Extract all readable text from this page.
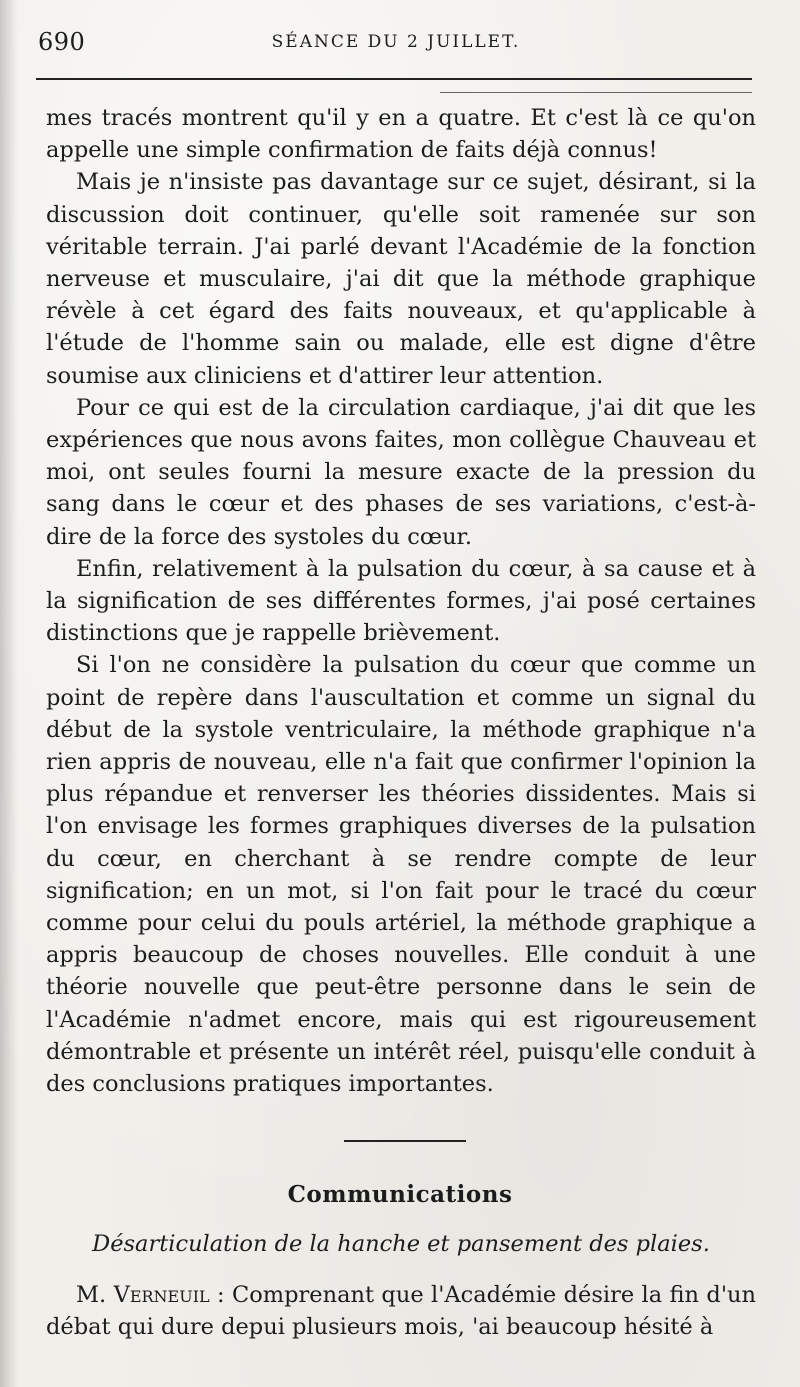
690	SÉANCE DU 2 JUILLET.

mes tracés montrent qu'il y en a quatre. Et c'est là ce qu'on appelle une simple confirmation de faits déjà connus!

Mais je n'insiste pas davantage sur ce sujet, désirant, si la discussion doit continuer, qu'elle soit ramenée sur son véritable terrain. J'ai parlé devant l'Académie de la fonction nerveuse et musculaire, j'ai dit que la méthode graphique révèle à cet égard des faits nouveaux, et qu'applicable à l'étude de l'homme sain ou malade, elle est digne d'être soumise aux cliniciens et d'attirer leur attention.

Pour ce qui est de la circulation cardiaque, j'ai dit que les expériences que nous avons faites, mon collègue Chauveau et moi, ont seules fourni la mesure exacte de la pression du sang dans le cœur et des phases de ses variations, c'est-à-dire de la force des systoles du cœur.

Enfin, relativement à la pulsation du cœur, à sa cause et à la signification de ses différentes formes, j'ai posé certaines distinctions que je rappelle brièvement.

Si l'on ne considère la pulsation du cœur que comme un point de repère dans l'auscultation et comme un signal du début de la systole ventriculaire, la méthode graphique n'a rien appris de nouveau, elle n'a fait que confirmer l'opinion la plus répandue et renverser les théories dissidentes. Mais si l'on envisage les formes graphiques diverses de la pulsation du cœur, en cherchant à se rendre compte de leur signification; en un mot, si l'on fait pour le tracé du cœur comme pour celui du pouls artériel, la méthode graphique a appris beaucoup de choses nouvelles. Elle conduit à une théorie nouvelle que peut-être personne dans le sein de l'Académie n'admet encore, mais qui est rigoureusement démontrable et présente un intérêt réel, puisqu'elle conduit à des conclusions pratiques importantes.

Communications
Désarticulation de la hanche et pansement des plaies.

M. Verneuil : Comprenant que l'Académie désire la fin d'un débat qui dure depui plusieurs mois, 'ai beaucoup hésité à
